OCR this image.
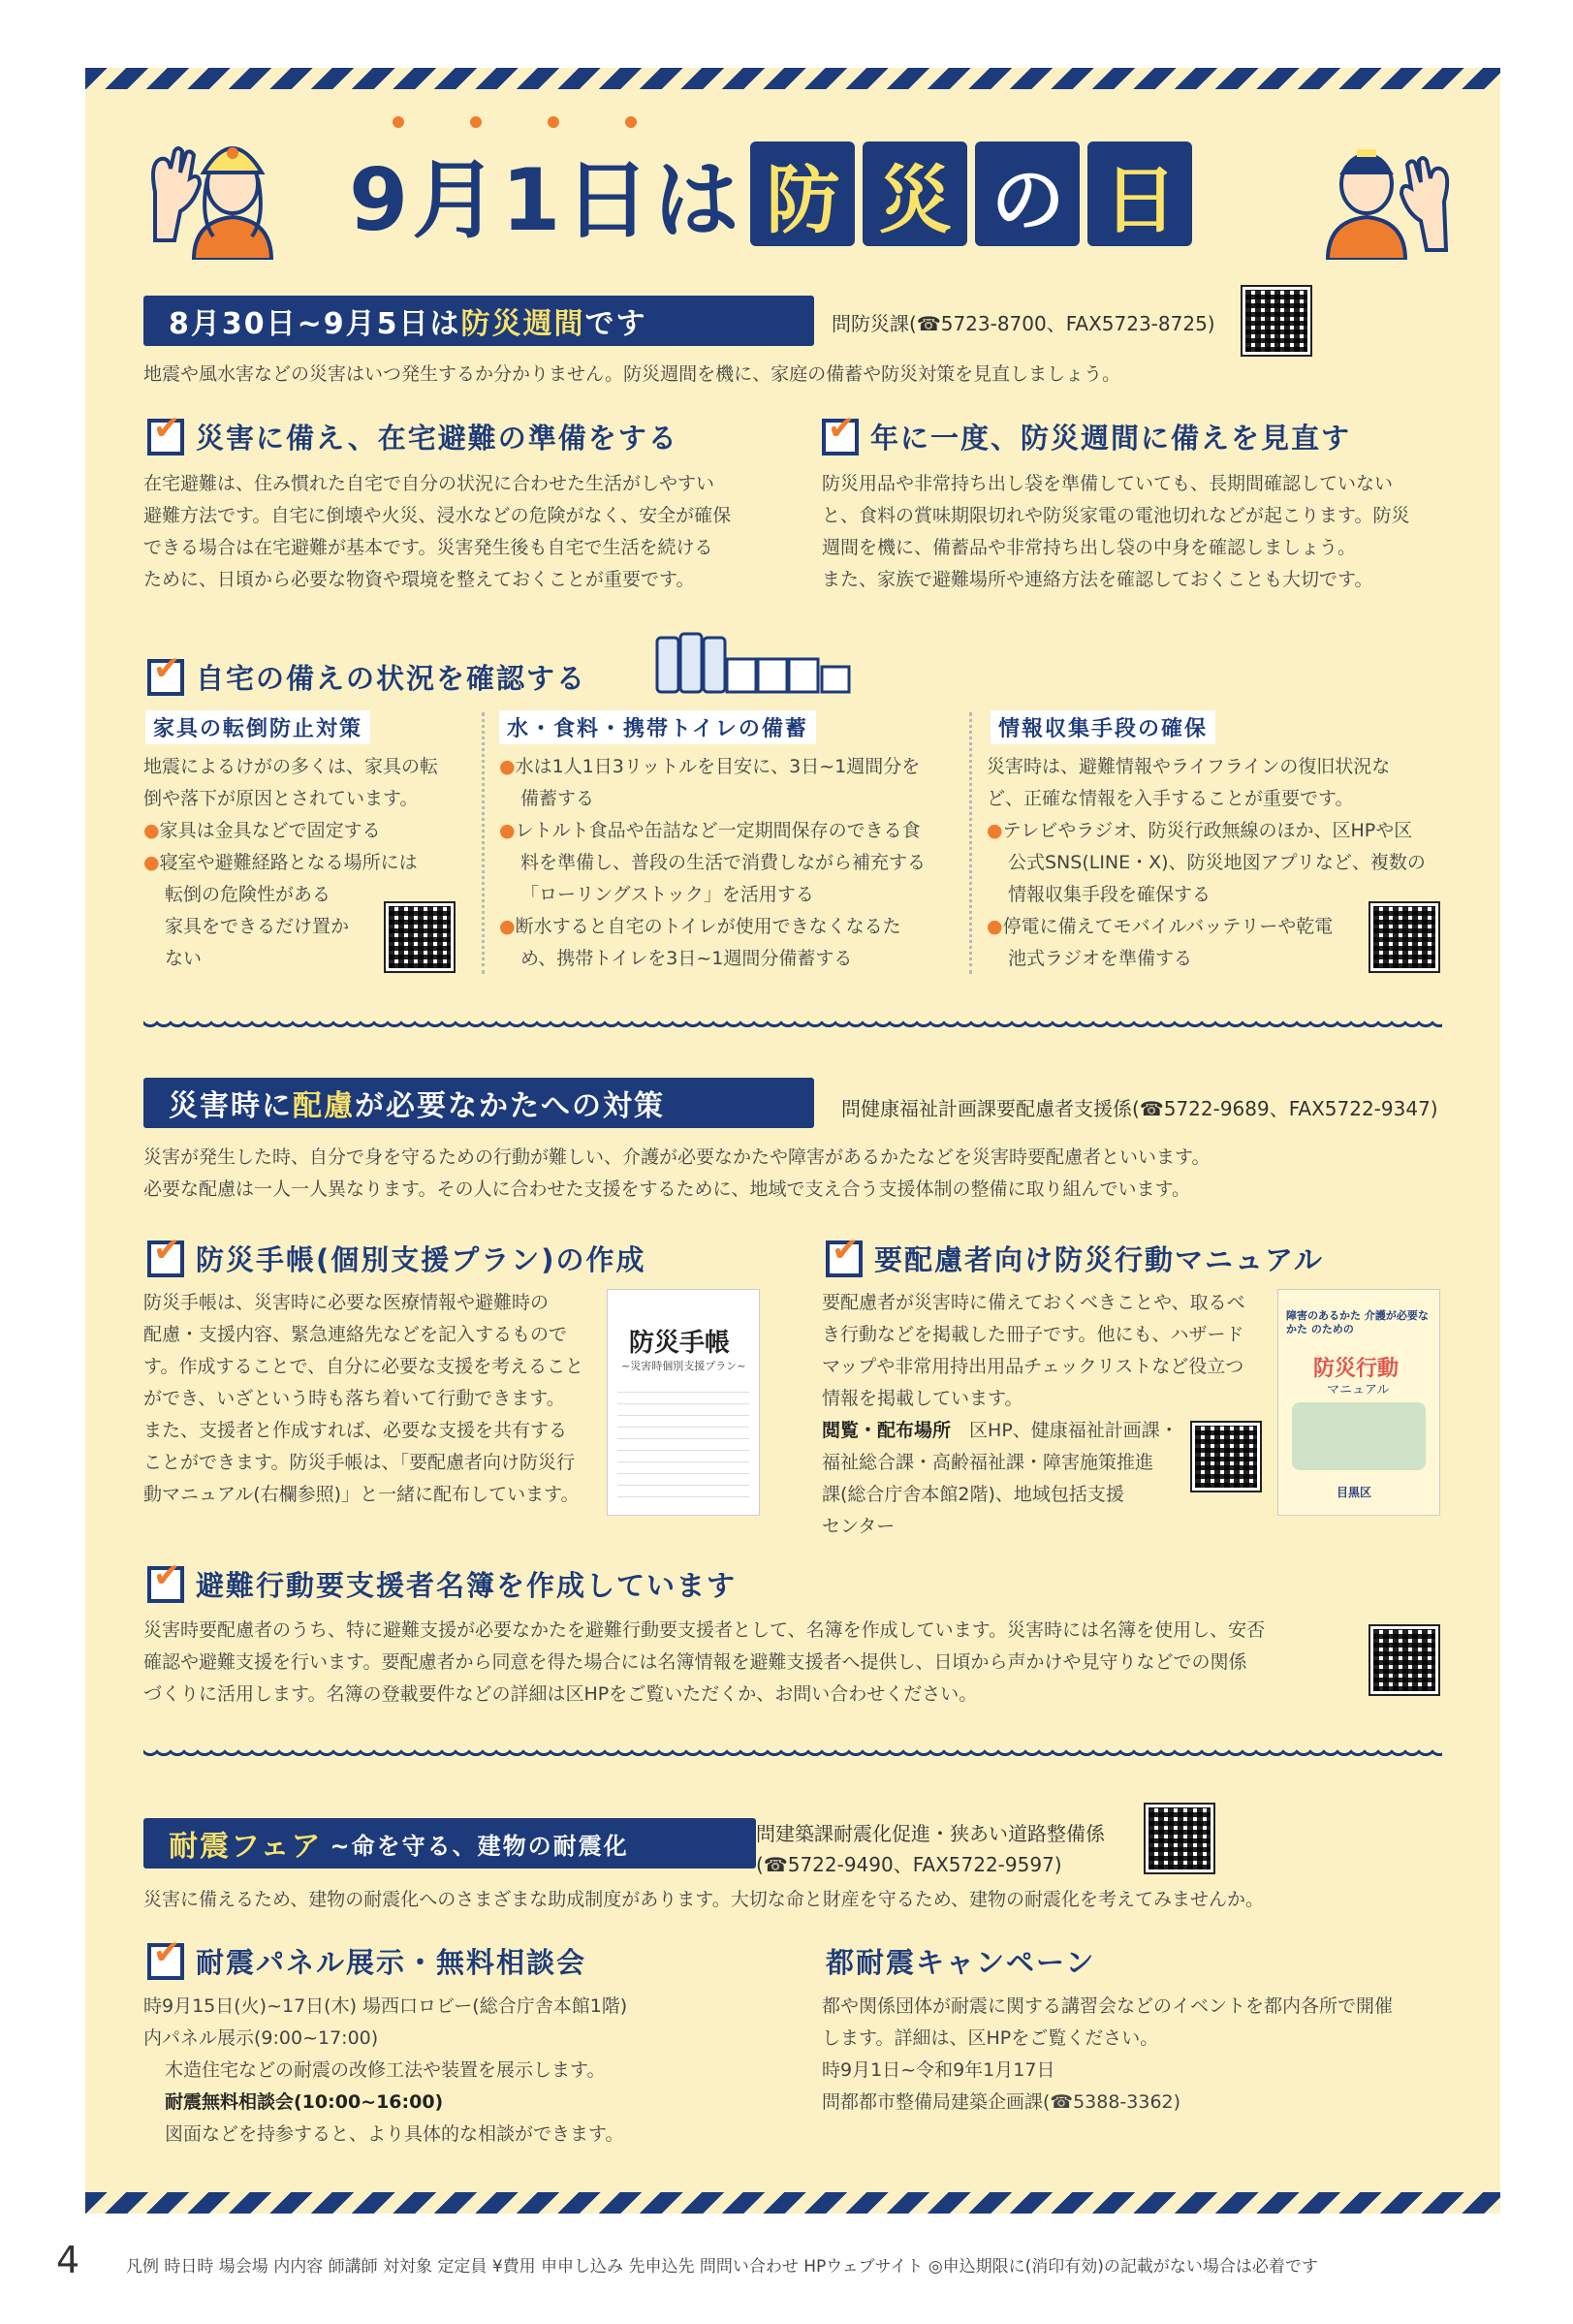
9月1日は 防 災 の 日
8月30日~9月5日は 防災週間 です	問防災課(☎5723-8700、FAX5723-8725)
地震や風水害などの災害はいつ発生するか分かりません。防災週間を機に、家庭の備蓄や防災対策を見直しましょう。
✔
災害に備え、在宅避難の準備をする
在宅避難は、住み慣れた自宅で自分の状況に合わせた生活がしやすい
避難方法です。自宅に倒壊や火災、浸水などの危険がなく、安全が確保
できる場合は在宅避難が基本です。災害発生後も自宅で生活を続ける
ために、日頃から必要な物資や環境を整えておくことが重要です。
✔
年に一度、防災週間に備えを見直す
防災用品や非常持ち出し袋を準備していても、長期間確認していない
と、食料の賞味期限切れや防災家電の電池切れなどが起こります。防災
週間を機に、備蓄品や非常持ち出し袋の中身を確認しましょう。
また、家族で避難場所や連絡方法を確認しておくことも大切です。
✔
自宅の備えの状況を確認する
家具の転倒防止対策
地震によるけがの多くは、家具の転
倒や落下が原因とされています。
●家具は金具などで固定する
●寝室や避難経路となる場所には
転倒の危険性がある
家具をできるだけ置か
ない
水・食料・携帯トイレの備蓄
●水は1人1日3リットルを目安に、3日~1週間分を
備蓄する
●レトルト食品や缶詰など一定期間保存のできる食
料を準備し、普段の生活で消費しながら補充する
「ローリングストック」を活用する
●断水すると自宅のトイレが使用できなくなるた
め、携帯トイレを3日~1週間分備蓄する
情報収集手段の確保
災害時は、避難情報やライフラインの復旧状況な
ど、正確な情報を入手することが重要です。
●テレビやラジオ、防災行政無線のほか、区HPや区
公式SNS(LINE・X)、防災地図アプリなど、複数の
情報収集手段を確保する
●停電に備えてモバイルバッテリーや乾電
池式ラジオを準備する
災害時に 配慮 が必要なかたへの対策	問健康福祉計画課要配慮者支援係(☎5722-9689、FAX5722-9347)
災害が発生した時、自分で身を守るための行動が難しい、介護が必要なかたや障害があるかたなどを災害時要配慮者といいます。
必要な配慮は一人一人異なります。その人に合わせた支援をするために、地域で支え合う支援体制の整備に取り組んでいます。
✔
防災手帳(個別支援プラン)の作成
防災手帳は、災害時に必要な医療情報や避難時の
配慮・支援内容、緊急連絡先などを記入するもので
す。作成することで、自分に必要な支援を考えること
ができ、いざという時も落ち着いて行動できます。
また、支援者と作成すれば、必要な支援を共有する
ことができます。防災手帳は、「要配慮者向け防災行
動マニュアル(右欄参照)」と一緒に配布しています。
防災手帳
~災害時個別支援プラン~
✔
要配慮者向け防災行動マニュアル
要配慮者が災害時に備えておくべきことや、取るべ
き行動などを掲載した冊子です。他にも、ハザード
マップや非常用持出用品チェックリストなど役立つ
情報を掲載しています。
閲覧・配布場所　 区HP、健康福祉計画課・
福祉総合課・高齢福祉課・障害施策推進
課(総合庁舎本館2階)、地域包括支援
センター
障害のあるかた 介護が必要なかた のための
防災行動
マニュアル
目黒区
✔
避難行動要支援者名簿を作成しています
災害時要配慮者のうち、特に避難支援が必要なかたを避難行動要支援者として、名簿を作成しています。災害時には名簿を使用し、安否
確認や避難支援を行います。要配慮者から同意を得た場合には名簿情報を避難支援者へ提供し、日頃から声かけや見守りなどでの関係
づくりに活用します。名簿の登載要件などの詳細は区HPをご覧いただくか、お問い合わせください。
耐震フェア ~命を守る、建物の耐震化	問建築課耐震化促進・狭あい道路整備係
(☎5722-9490、FAX5722-9597)
災害に備えるため、建物の耐震化へのさまざまな助成制度があります。大切な命と財産を守るため、建物の耐震化を考えてみませんか。
✔
耐震パネル展示・無料相談会
時9月15日(火)~17日(木) 場西口ロビー(総合庁舎本館1階)
内パネル展示(9:00~17:00)
木造住宅などの耐震の改修工法や装置を展示します。
耐震無料相談会(10:00~16:00)
図面などを持参すると、より具体的な相談ができます。
都耐震キャンペーン
都や関係団体が耐震に関する講習会などのイベントを都内各所で開催
します。詳細は、区HPをご覧ください。
時9月1日~令和9年1月17日
問都都市整備局建築企画課(☎5388-3362)
4	凡例 時日時 場会場 内内容 師講師 対対象 定定員 ¥費用 申申し込み 先申込先 問問い合わせ HPウェブサイト ◎申込期限に(消印有効)の記載がない場合は必着です
